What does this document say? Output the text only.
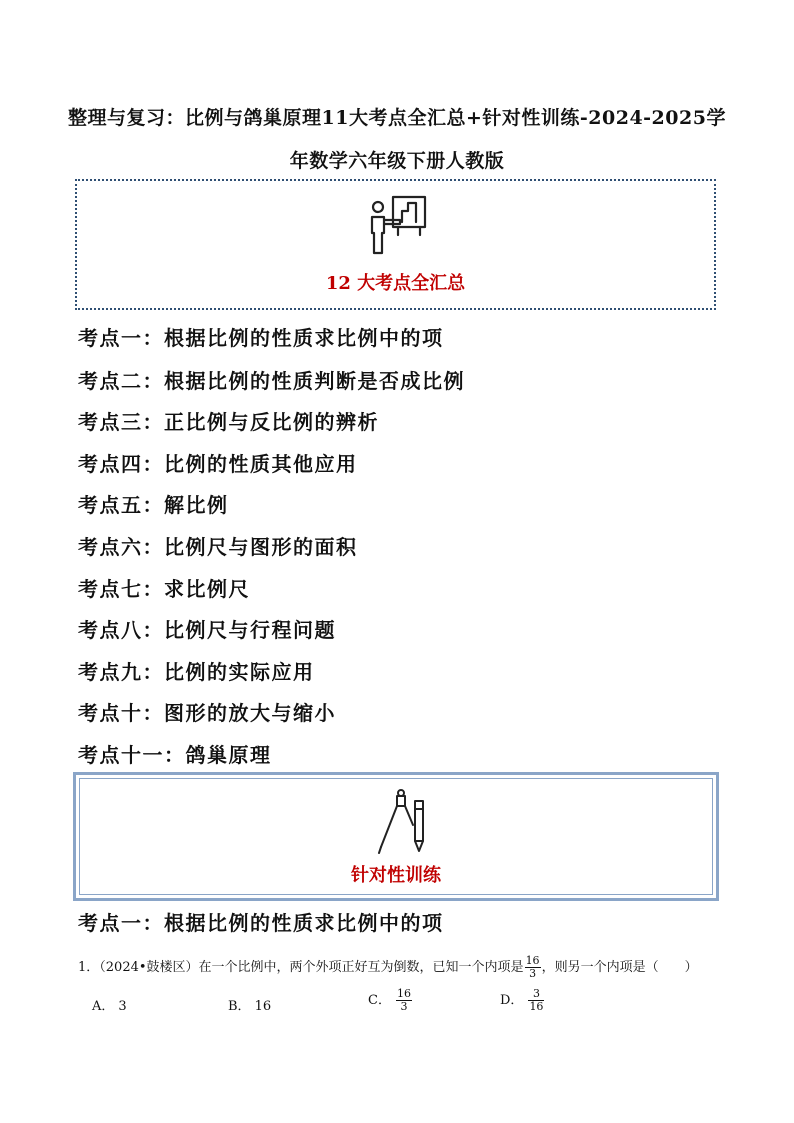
整理与复习：比例与鸽巢原理11大考点全汇总+针对性训练-2024-2025学
年数学六年级下册人教版
12 大考点全汇总
考点一：根据比例的性质求比例中的项
考点二：根据比例的性质判断是否成比例
考点三：正比例与反比例的辨析
考点四：比例的性质其他应用
考点五：解比例
考点六：比例尺与图形的面积
考点七：求比例尺
考点八：比例尺与行程问题
考点九：比例的实际应用
考点十：图形的放大与缩小
考点十一：鸽巢原理
针对性训练
考点一：根据比例的性质求比例中的项
1．（2024•鼓楼区）在一个比例中，两个外项正好互为倒数，已知一个内项是 $\frac{16}{3}$ ，则另一个内项是（　　）
A． 3	B． 16	C． $\frac{16}{3}$	D． $\frac{3}{16}$
